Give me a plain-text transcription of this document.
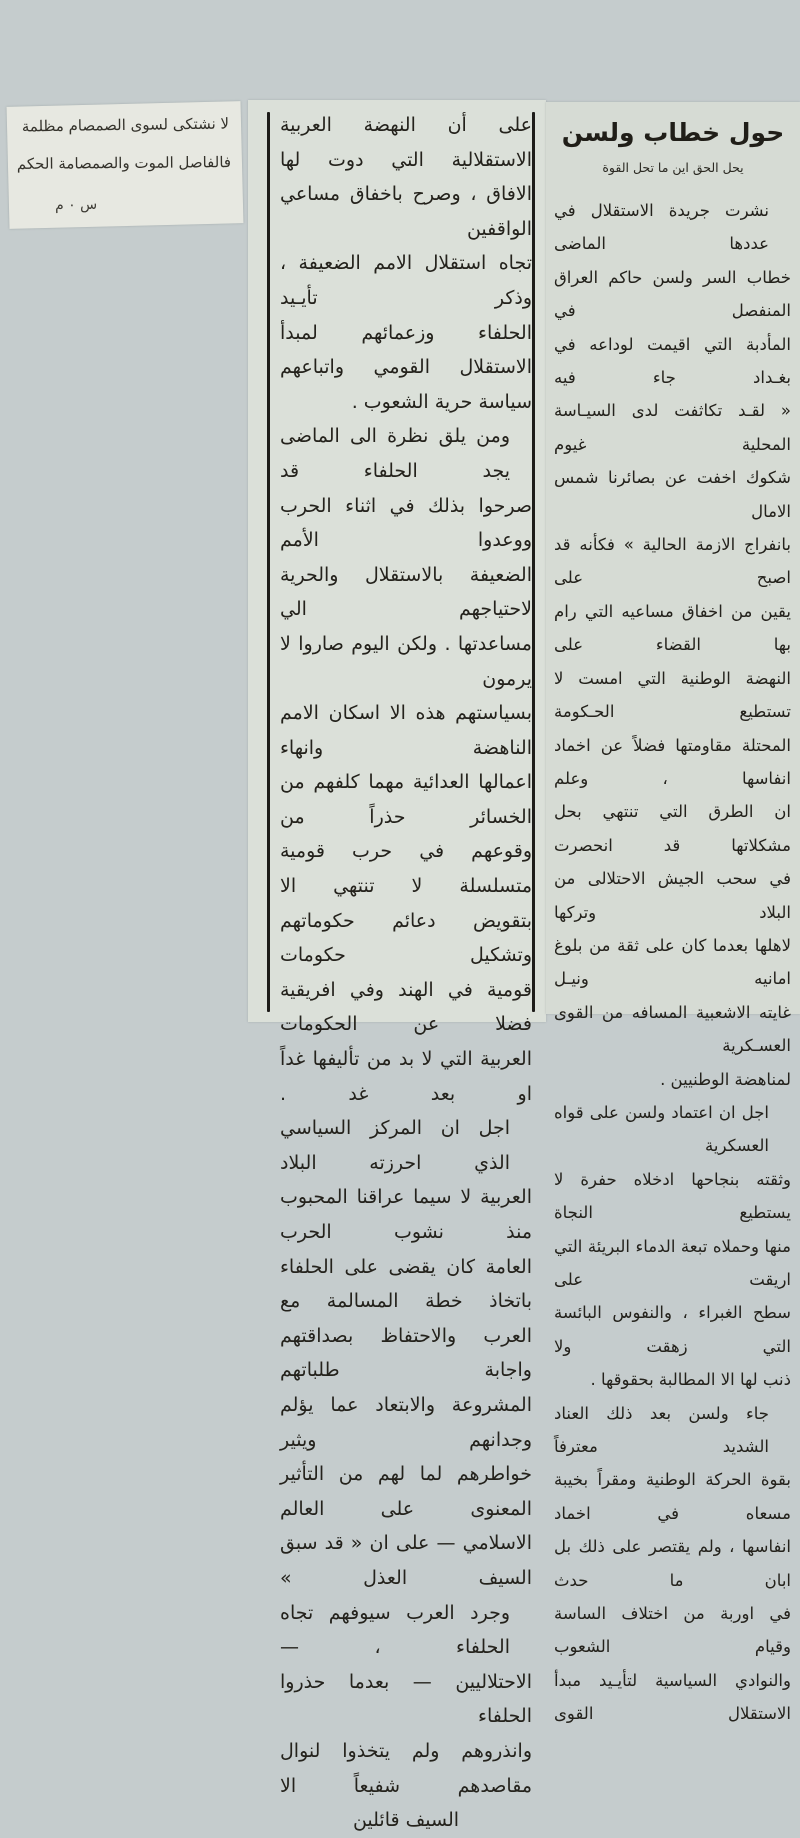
لا نشتكى لسوى الصمصام مظلمة
فالفاصل الموت والصمصامة الحكم
س ٠ م
على أن النهضة العربية الاستقلالية التي دوت لها
الافاق ، وصرح باخفاق مساعي الواقفين
تجاه استقلال الامم الضعيفة ، وذكر تأيـيد
الحلفاء وزعمائهم لمبدأ الاستقلال القومي واتباعهم
سياسة حرية الشعوب .
ومن يلق نظرة الى الماضى يجد الحلفاء قد
صرحوا بذلك في اثناء الحرب ووعدوا الأمم
الضعيفة بالاستقلال والحرية لاحتياجهم الي
مساعدتها . ولكن اليوم صاروا لا يرمون
بسياستهم هذه الا اسكان الامم الناهضة وانهاء
اعمالها العدائية مهما كلفهم من الخسائر حذراً من
وقوعهم في حرب قومية متسلسلة لا تنتهي الا
بتقويض دعائم حكوماتهم وتشكيل حكومات
قومية في الهند وفي افريقية فضلا عن الحكومات
العربية التي لا بد من تأليفها غداً او بعد غد .
اجل ان المركز السياسي الذي احرزته البلاد
العربية لا سيما عراقنا المحبوب منذ نشوب الحرب
العامة كان يقضى على الحلفاء باتخاذ خطة المسالمة مع
العرب والاحتفاظ بصداقتهم واجابة طلباتهم
المشروعة والابتعاد عما يؤلم وجدانهم ويثير
خواطرهم لما لهم من التأثير المعنوى على العالم
الاسلامي — على ان « قد سبق السيف العذل »
وجرد العرب سيوفهم تجاه الحلفاء ، —
الاحتلاليين — بعدما حذروا الحلفاء
وانذروهم ولم يتخذوا لنوال مقاصدهم شفيعاً الا
السيف قائلين
حول خطاب ولسن
يحل الحق اين ما تحل القوة
نشرت جريدة الاستقلال في عددها الماضى
خطاب السر ولسن حاكم العراق المنفصل في
المأدبة التي اقيمت لوداعه في بغـداد جاء فيه
« لقـد تكاثفت لدى السيـاسة المحلية غيوم
شكوك اخفت عن بصائرنا شمس الامال
بانفراج الازمة الحالية » فكأنه قد اصبح على
يقين من اخفاق مساعيه التي رام بها القضاء على
النهضة الوطنية التي امست لا تستطيع الحـكومة
المحتلة مقاومتها فضلاً عن اخماد انفاسها ، وعلم
ان الطرق التي تنتهي بحل مشكلاتها قد انحصرت
في سحب الجيش الاحتلالى من البلاد وتركها
لاهلها بعدما كان على ثقة من بلوغ امانيه ونيـل
غايته الاشعبية المسافه من القوى العسـكرية
لمناهضة الوطنيين .
اجل ان اعتماد ولسن على قواه العسكرية
وثقته بنجاحها ادخلاه حفرة لا يستطيع النجاة
منها وحملاه تبعة الدماء البريئة التي اريقت على
سطح الغبراء ، والنفوس البائسة التي زهقت ولا
ذنب لها الا المطالبة بحقوقها .
جاء ولسن بعد ذلك العناد الشديد معترفاً
بقوة الحركة الوطنية ومقراً بخيبة مسعاه في اخماد
انفاسها ، ولم يقتصر على ذلك بل ابان ما حدث
في اوربة من اختلاف الساسة وقيام الشعوب
والنوادي السياسية لتأيـيد مبدأ الاستقلال القوى
